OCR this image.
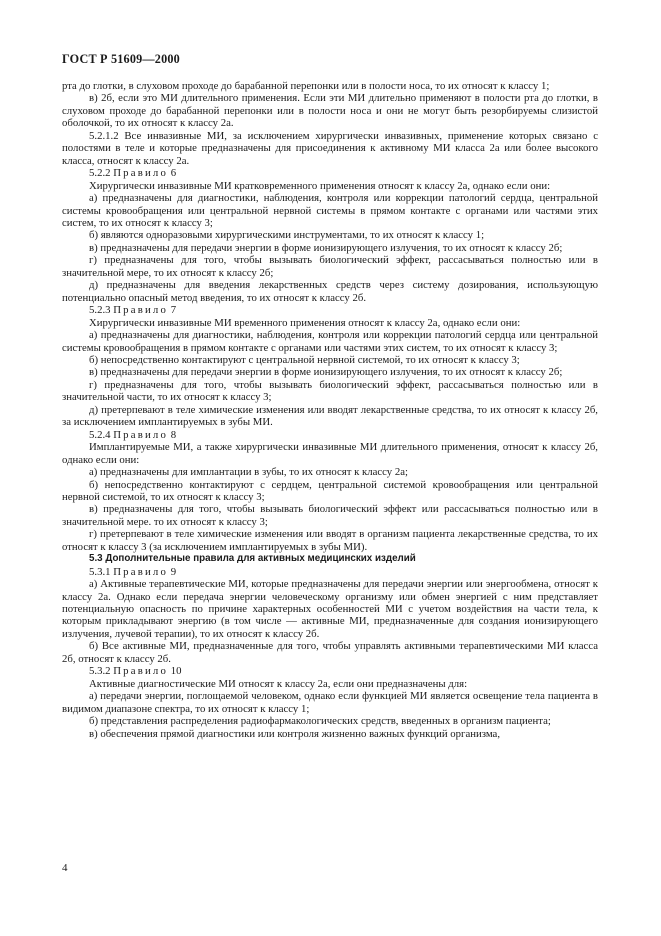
ГОСТ Р 51609—2000

рта до глотки, в слуховом проходе до барабанной перепонки или в полости носа, то их относят к классу 1;

в) 2б, если это МИ длительного применения. Если эти МИ длительно применяют в полости рта до глотки, в слуховом проходе до барабанной перепонки или в полости носа и они не могут быть резорбируемы слизистой оболочкой, то их относят к классу 2а.

5.2.1.2 Все инвазивные МИ, за исключением хирургически инвазивных, применение которых связано с полостями в теле и которые предназначены для присоединения к активному МИ класса 2а или более высокого класса, относят к классу 2а.

5.2.2 Правило 6

Хирургически инвазивные МИ кратковременного применения относят к классу 2а, однако если они:

а) предназначены для диагностики, наблюдения, контроля или коррекции патологий сердца, центральной системы кровообращения или центральной нервной системы в прямом контакте с органами или частями этих систем, то их относят к классу 3;

б) являются одноразовыми хирургическими инструментами, то их относят к классу 1;

в) предназначены для передачи энергии в форме ионизирующего излучения, то их относят к классу 2б;

г) предназначены для того, чтобы вызывать биологический эффект, рассасываться полностью или в значительной мере, то их относят к классу 2б;

д) предназначены для введения лекарственных средств через систему дозирования, использующую потенциально опасный метод введения, то их относят к классу 2б.

5.2.3 Правило 7

Хирургически инвазивные МИ временного применения относят к классу 2а, однако если они:

а) предназначены для диагностики, наблюдения, контроля или коррекции патологий сердца или центральной системы кровообращения в прямом контакте с органами или частями этих систем, то их относят к классу 3;

б) непосредственно контактируют с центральной нервной системой, то их относят к классу 3;

в) предназначены для передачи энергии в форме ионизирующего излучения, то их относят к классу 2б;

г) предназначены для того, чтобы вызывать биологический эффект, рассасываться полностью или в значительной части, то их относят к классу 3;

д) претерпевают в теле химические изменения или вводят лекарственные средства, то их относят к классу 2б, за исключением имплантируемых в зубы МИ.

5.2.4 Правило 8

Имплантируемые МИ, а также хирургически инвазивные МИ длительного применения, относят к классу 2б, однако если они:

а) предназначены для имплантации в зубы, то их относят к классу 2а;

б) непосредственно контактируют с сердцем, центральной системой кровообращения или центральной нервной системой, то их относят к классу 3;

в) предназначены для того, чтобы вызывать биологический эффект или рассасываться полностью или в значительной мере. то их относят к классу 3;

г) претерпевают в теле химические изменения или вводят в организм пациента лекарственные средства, то их относят к классу 3 (за исключением имплантируемых в зубы МИ).

5.3 Дополнительные правила для активных медицинских изделий

5.3.1 Правило 9

а) Активные терапевтические МИ, которые предназначены для передачи энергии или энергообмена, относят к классу 2а. Однако если передача энергии человеческому организму или обмен энергией с ним представляет потенциальную опасность по причине характерных особенностей МИ с учетом воздействия на части тела, к которым прикладывают энергию (в том числе — активные МИ, предназначенные для создания ионизирующего излучения, лучевой терапии), то их относят к классу 2б.

б) Все активные МИ, предназначенные для того, чтобы управлять активными терапевтическими МИ класса 2б, относят к классу 2б.

5.3.2 Правило 10

Активные диагностические МИ относят к классу 2а, если они предназначены для:

а) передачи энергии, поглощаемой человеком, однако если функцией МИ является освещение тела пациента в видимом диапазоне спектра, то их относят к классу 1;

б) представления распределения радиофармакологических средств, введенных в организм пациента;

в) обеспечения прямой диагностики или контроля жизненно важных функций организма,

4
